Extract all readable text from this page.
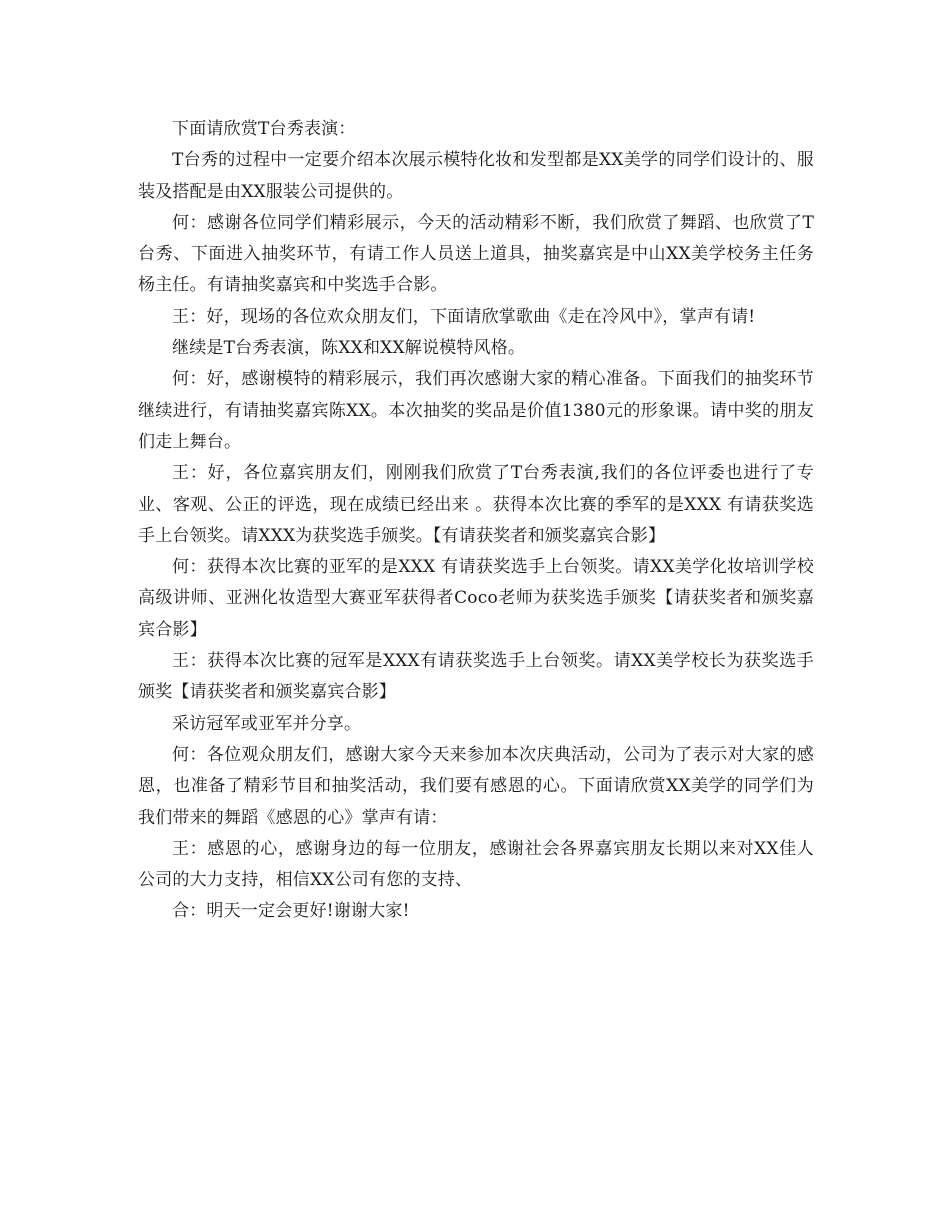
下面请欣赏T台秀表演：

T台秀的过程中一定要介绍本次展示模特化妆和发型都是XX美学的同学们设计的、服装及搭配是由XX服装公司提供的。

何：感谢各位同学们精彩展示，今天的活动精彩不断，我们欣赏了舞蹈、也欣赏了T台秀、下面进入抽奖环节，有请工作人员送上道具，抽奖嘉宾是中山XX美学校务主任务杨主任。有请抽奖嘉宾和中奖选手合影。

王：好，现场的各位欢众朋友们，下面请欣掌歌曲《走在冷风中》，掌声有请!

继续是T台秀表演，陈XX和XX解说模特风格。

何：好，感谢模特的精彩展示，我们再次感谢大家的精心准备。下面我们的抽奖环节继续进行，有请抽奖嘉宾陈XX。本次抽奖的奖品是价值1380元的形象课。请中奖的朋友们走上舞台。

王：好，各位嘉宾朋友们，刚刚我们欣赏了T台秀表演,我们的各位评委也进行了专业、客观、公正的评选，现在成绩已经出来 。获得本次比赛的季军的是XXX 有请获奖选手上台领奖。请XXX为获奖选手颁奖。【有请获奖者和颁奖嘉宾合影】

何：获得本次比赛的亚军的是XXX 有请获奖选手上台领奖。请XX美学化妆培训学校高级讲师、亚洲化妆造型大赛亚军获得者Coco老师为获奖选手颁奖【请获奖者和颁奖嘉宾合影】

王：获得本次比赛的冠军是XXX有请获奖选手上台领奖。请XX美学校长为获奖选手颁奖【请获奖者和颁奖嘉宾合影】

采访冠军或亚军并分享。

何：各位观众朋友们，感谢大家今天来参加本次庆典活动，公司为了表示对大家的感恩，也准备了精彩节目和抽奖活动，我们要有感恩的心。下面请欣赏XX美学的同学们为我们带来的舞蹈《感恩的心》掌声有请：

王：感恩的心，感谢身边的每一位朋友，感谢社会各界嘉宾朋友长期以来对XX佳人公司的大力支持，相信XX公司有您的支持、

合：明天一定会更好!谢谢大家!
